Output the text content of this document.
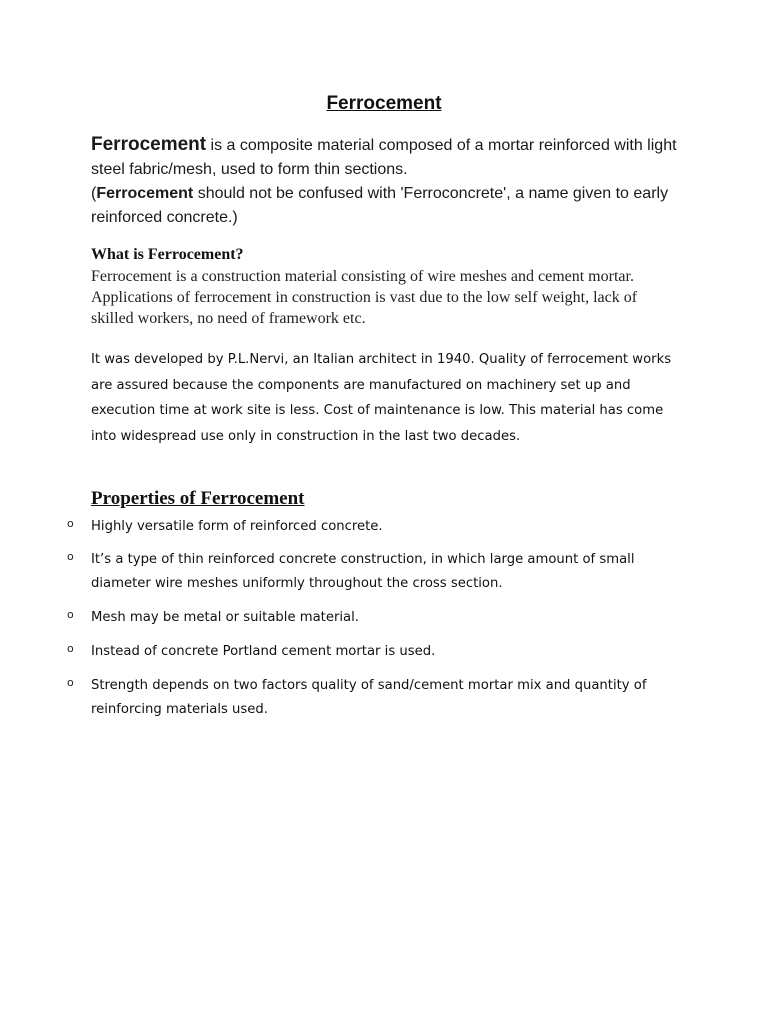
Ferrocement
Ferrocement is a composite material composed of a mortar reinforced with light steel fabric/mesh, used to form thin sections.
(Ferrocement should not be confused with 'Ferroconcrete', a name given to early reinforced concrete.)
What is Ferrocement?
Ferrocement is a construction material consisting of wire meshes and cement mortar. Applications of ferrocement in construction is vast due to the low self weight, lack of skilled workers, no need of framework etc.
It was developed by P.L.Nervi, an Italian architect in 1940. Quality of ferrocement works are assured because the components are manufactured on machinery set up and execution time at work site is less. Cost of maintenance is low. This material has come into widespread use only in construction in the last two decades.
Properties of Ferrocement
o Highly versatile form of reinforced concrete.
o It’s a type of thin reinforced concrete construction, in which large amount of small diameter wire meshes uniformly throughout the cross section.
o Mesh may be metal or suitable material.
o Instead of concrete Portland cement mortar is used.
o Strength depends on two factors quality of sand/cement mortar mix and quantity of reinforcing materials used.
